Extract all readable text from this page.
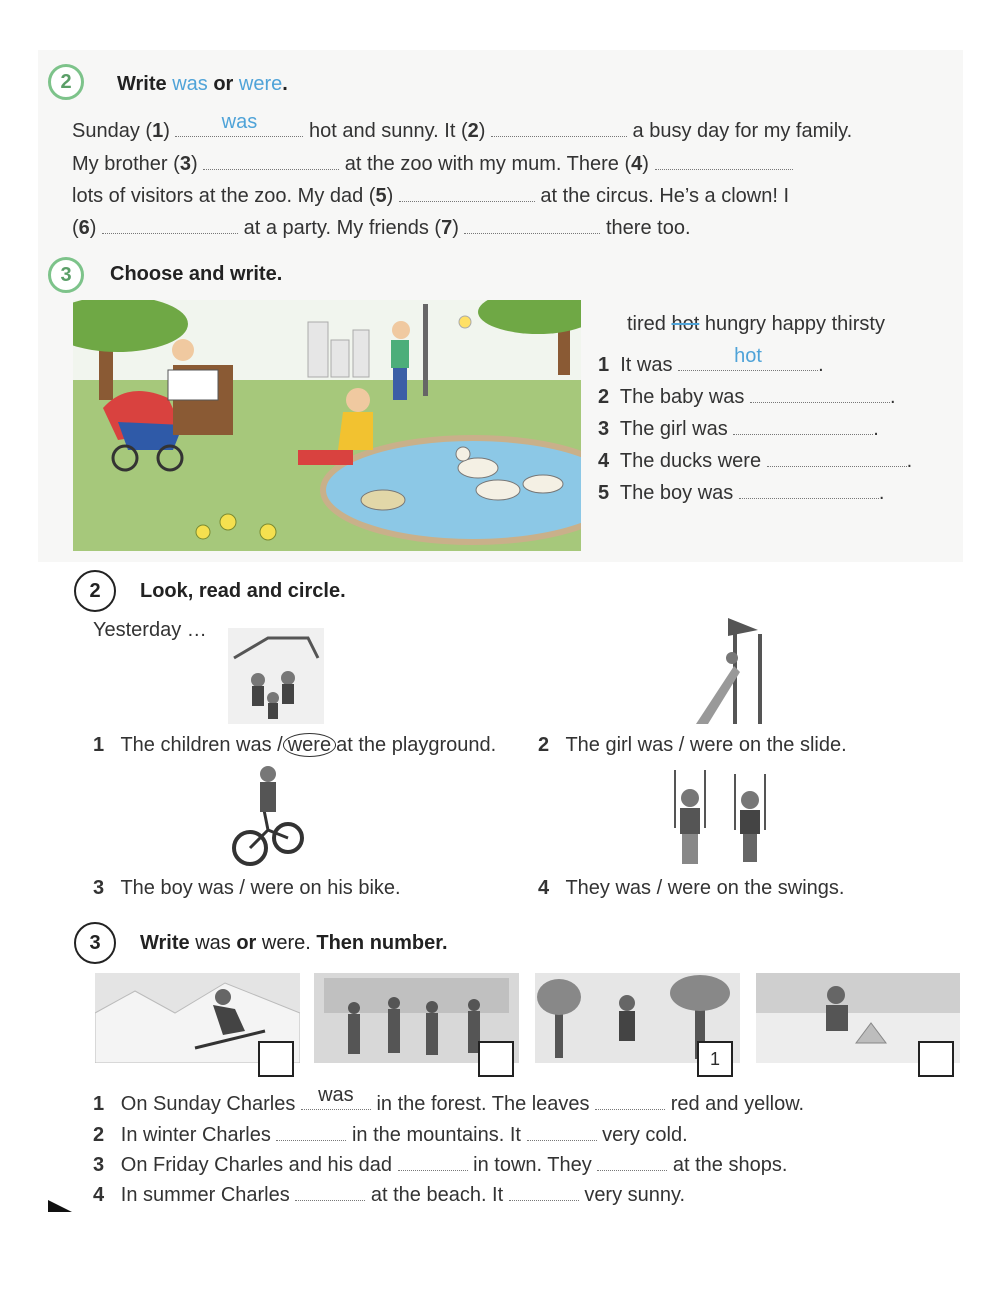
2 Write was or were.
Sunday (1)	was	hot and sunny. It (2)	a busy day for my family.
My brother (3)	at the zoo with my mum. There (4)
lots of visitors at the zoo. My dad (5)	at the circus. He’s a clown! I
(6)	at a party. My friends (7)	there too.
3 Choose and write.
tired hot hungry happy thirsty
1 It was	hot	.
2 The baby was	.
3 The girl was	.
4 The ducks were	.
5 The boy was	.
2 Look, read and circle.
Yesterday …
1 The children was / were at the playground. 2 The girl was / were on the slide.
3 The boy was / were on his bike.	4 They was / were on the swings.
3 Write was or were. Then number.
1
1 On Sunday Charles	was	in the forest. The leaves	red and yellow.
2 In winter Charles	in the mountains. It	very cold.
3 On Friday Charles and his dad	in town. They	at the shops.
4 In summer Charles	at the beach. It	very sunny.
